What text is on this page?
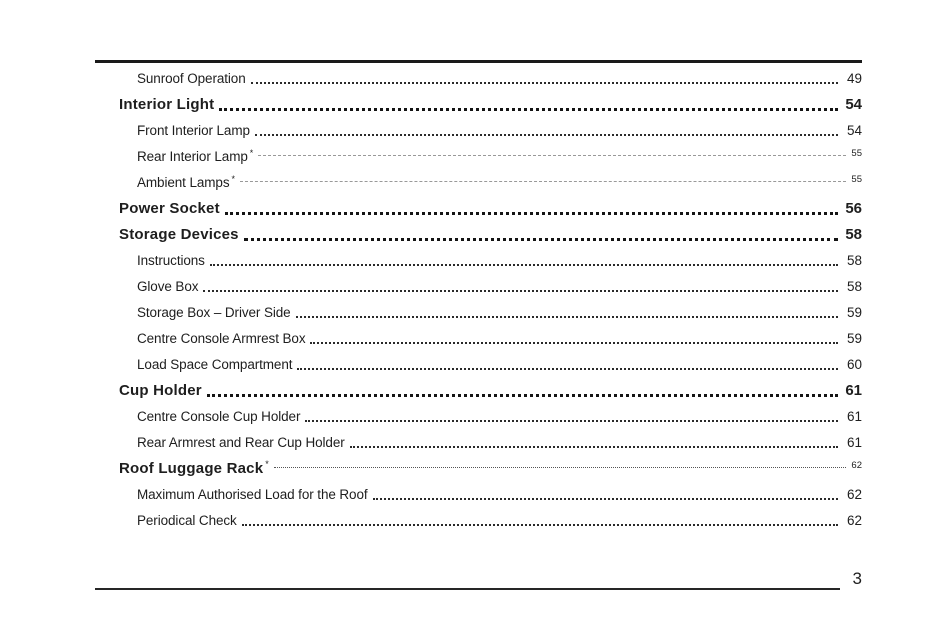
Sunroof Operation	49
Interior Light	54
Front Interior Lamp	54
Rear Interior Lamp *	55
Ambient Lamps *	55
Power Socket	56
Storage Devices	58
Instructions	58
Glove Box	58
Storage Box – Driver Side	59
Centre Console Armrest Box	59
Load Space Compartment	60
Cup Holder	61
Centre Console Cup Holder	61
Rear Armrest and Rear Cup Holder	61
Roof Luggage Rack *	62
Maximum Authorised Load for the Roof	62
Periodical Check	62
3
